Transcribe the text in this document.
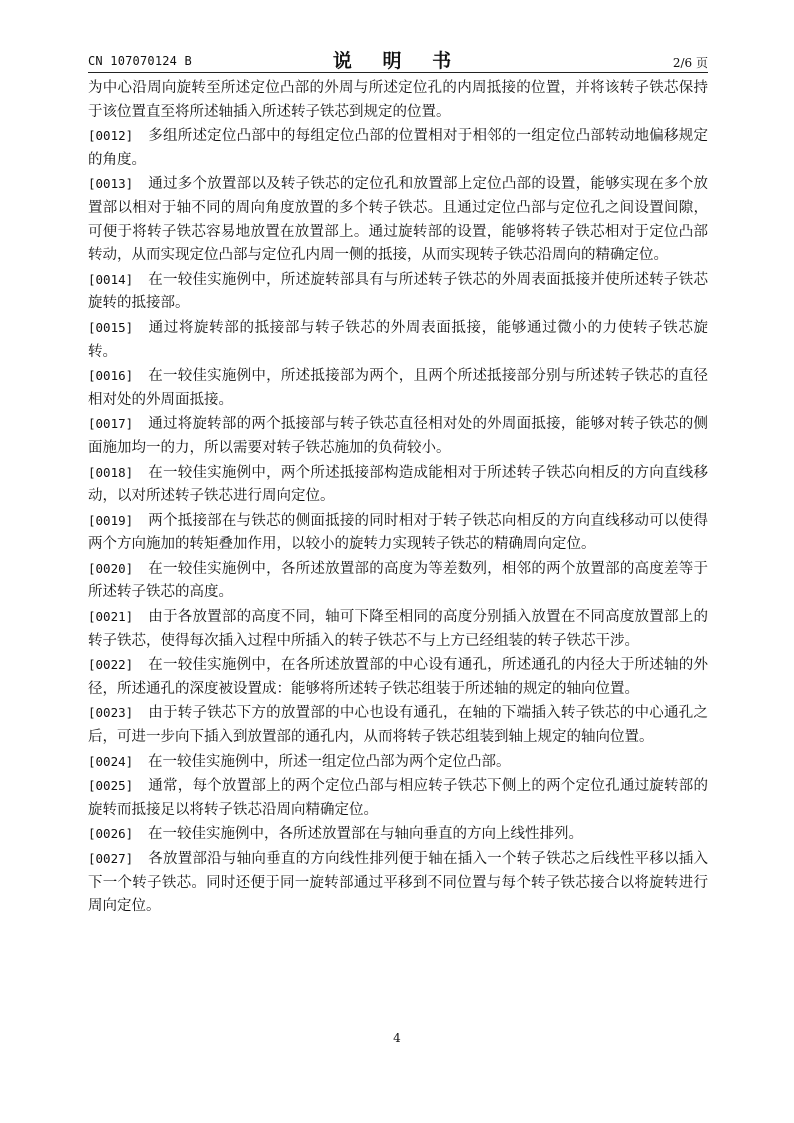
CN 107070124 B	说 明 书	2/6 页

为中心沿周向旋转至所述定位凸部的外周与所述定位孔的内周抵接的位置，并将该转子铁芯保持于该位置直至将所述轴插入所述转子铁芯到规定的位置。

[0012] 多组所述定位凸部中的每组定位凸部的位置相对于相邻的一组定位凸部转动地偏移规定的角度。

[0013] 通过多个放置部以及转子铁芯的定位孔和放置部上定位凸部的设置，能够实现在多个放置部以相对于轴不同的周向角度放置的多个转子铁芯。且通过定位凸部与定位孔之间设置间隙，可便于将转子铁芯容易地放置在放置部上。通过旋转部的设置，能够将转子铁芯相对于定位凸部转动，从而实现定位凸部与定位孔内周一侧的抵接，从而实现转子铁芯沿周向的精确定位。

[0014] 在一较佳实施例中，所述旋转部具有与所述转子铁芯的外周表面抵接并使所述转子铁芯旋转的抵接部。

[0015] 通过将旋转部的抵接部与转子铁芯的外周表面抵接，能够通过微小的力使转子铁芯旋转。

[0016] 在一较佳实施例中，所述抵接部为两个，且两个所述抵接部分别与所述转子铁芯的直径相对处的外周面抵接。

[0017] 通过将旋转部的两个抵接部与转子铁芯直径相对处的外周面抵接，能够对转子铁芯的侧面施加均一的力，所以需要对转子铁芯施加的负荷较小。

[0018] 在一较佳实施例中，两个所述抵接部构造成能相对于所述转子铁芯向相反的方向直线移动，以对所述转子铁芯进行周向定位。

[0019] 两个抵接部在与铁芯的侧面抵接的同时相对于转子铁芯向相反的方向直线移动可以使得两个方向施加的转矩叠加作用，以较小的旋转力实现转子铁芯的精确周向定位。

[0020] 在一较佳实施例中，各所述放置部的高度为等差数列，相邻的两个放置部的高度差等于所述转子铁芯的高度。

[0021] 由于各放置部的高度不同，轴可下降至相同的高度分别插入放置在不同高度放置部上的转子铁芯，使得每次插入过程中所插入的转子铁芯不与上方已经组装的转子铁芯干涉。

[0022] 在一较佳实施例中，在各所述放置部的中心设有通孔，所述通孔的内径大于所述轴的外径，所述通孔的深度被设置成：能够将所述转子铁芯组装于所述轴的规定的轴向位置。

[0023] 由于转子铁芯下方的放置部的中心也设有通孔，在轴的下端插入转子铁芯的中心通孔之后，可进一步向下插入到放置部的通孔内，从而将转子铁芯组装到轴上规定的轴向位置。

[0024] 在一较佳实施例中，所述一组定位凸部为两个定位凸部。

[0025] 通常，每个放置部上的两个定位凸部与相应转子铁芯下侧上的两个定位孔通过旋转部的旋转而抵接足以将转子铁芯沿周向精确定位。

[0026] 在一较佳实施例中，各所述放置部在与轴向垂直的方向上线性排列。

[0027] 各放置部沿与轴向垂直的方向线性排列便于轴在插入一个转子铁芯之后线性平移以插入下一个转子铁芯。同时还便于同一旋转部通过平移到不同位置与每个转子铁芯接合以将旋转进行周向定位。

4
